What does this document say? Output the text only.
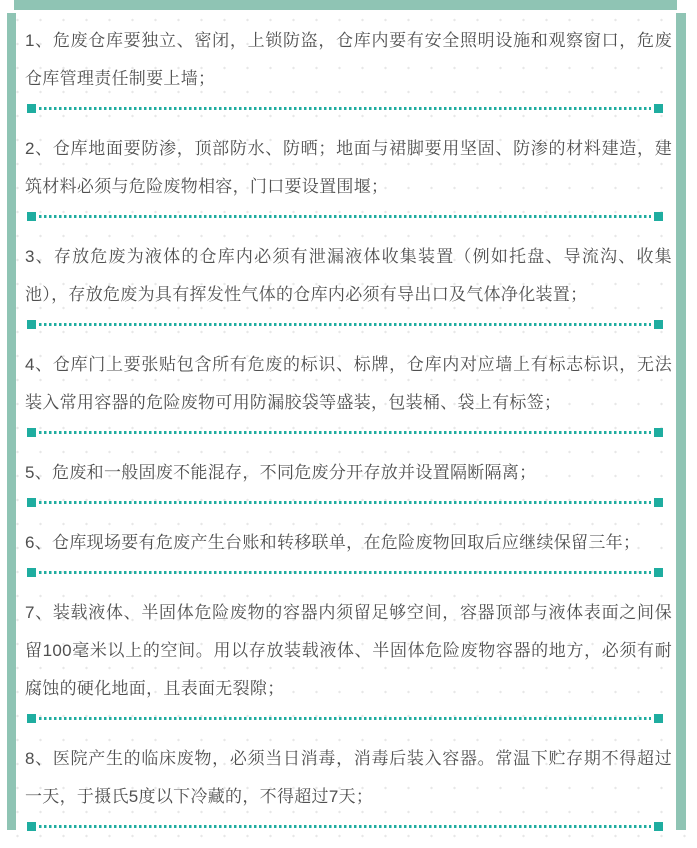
1、危废仓库要独立、密闭，上锁防盗，仓库内要有安全照明设施和观察窗口，危废仓库管理责任制要上墙；

2、仓库地面要防渗，顶部防水、防晒；地面与裙脚要用坚固、防渗的材料建造，建筑材料必须与危险废物相容，门口要设置围堰；

3、存放危废为液体的仓库内必须有泄漏液体收集装置（例如托盘、导流沟、收集池），存放危废为具有挥发性气体的仓库内必须有导出口及气体净化装置；

4、仓库门上要张贴包含所有危废的标识、标牌，仓库内对应墙上有标志标识，无法装入常用容器的危险废物可用防漏胶袋等盛装，包装桶、袋上有标签；

5、危废和一般固废不能混存，不同危废分开存放并设置隔断隔离；

6、仓库现场要有危废产生台账和转移联单，在危险废物回取后应继续保留三年；

7、装载液体、半固体危险废物的容器内须留足够空间，容器顶部与液体表面之间保留100毫米以上的空间。用以存放装载液体、半固体危险废物容器的地方，必须有耐腐蚀的硬化地面，且表面无裂隙；

8、医院产生的临床废物，必须当日消毒，消毒后装入容器。常温下贮存期不得超过一天，于摄氏5度以下冷藏的，不得超过7天；
